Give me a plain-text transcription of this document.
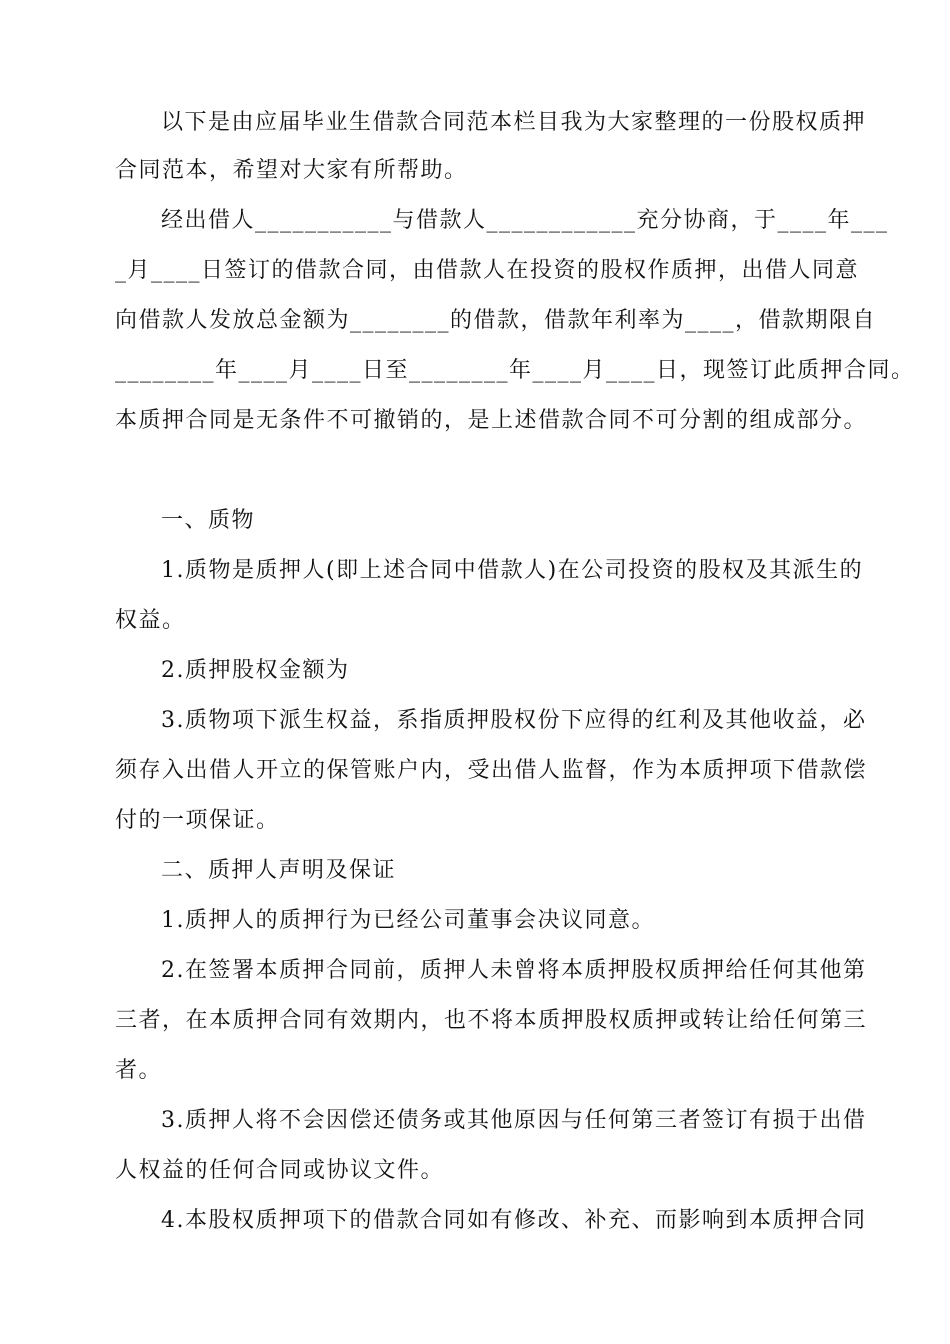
以下是由应届毕业生借款合同范本栏目我为大家整理的一份股权质押
合同范本，希望对大家有所帮助。
经出借人___________与借款人____________充分协商，于____年___
_月____日签订的借款合同，由借款人在投资的股权作质押，出借人同意
向借款人发放总金额为________的借款，借款年利率为____，借款期限自
________年____月____日至________年____月____日，现签订此质押合同。
本质押合同是无条件不可撤销的，是上述借款合同不可分割的组成部分。
一、质物
1.质物是质押人(即上述合同中借款人)在公司投资的股权及其派生的
权益。
2.质押股权金额为
3.质物项下派生权益，系指质押股权份下应得的红利及其他收益，必
须存入出借人开立的保管账户内，受出借人监督，作为本质押项下借款偿
付的一项保证。
二、质押人声明及保证
1.质押人的质押行为已经公司董事会决议同意。
2.在签署本质押合同前，质押人未曾将本质押股权质押给任何其他第
三者，在本质押合同有效期内，也不将本质押股权质押或转让给任何第三
者。
3.质押人将不会因偿还债务或其他原因与任何第三者签订有损于出借
人权益的任何合同或协议文件。
4.本股权质押项下的借款合同如有修改、补充、而影响到本质押合同
